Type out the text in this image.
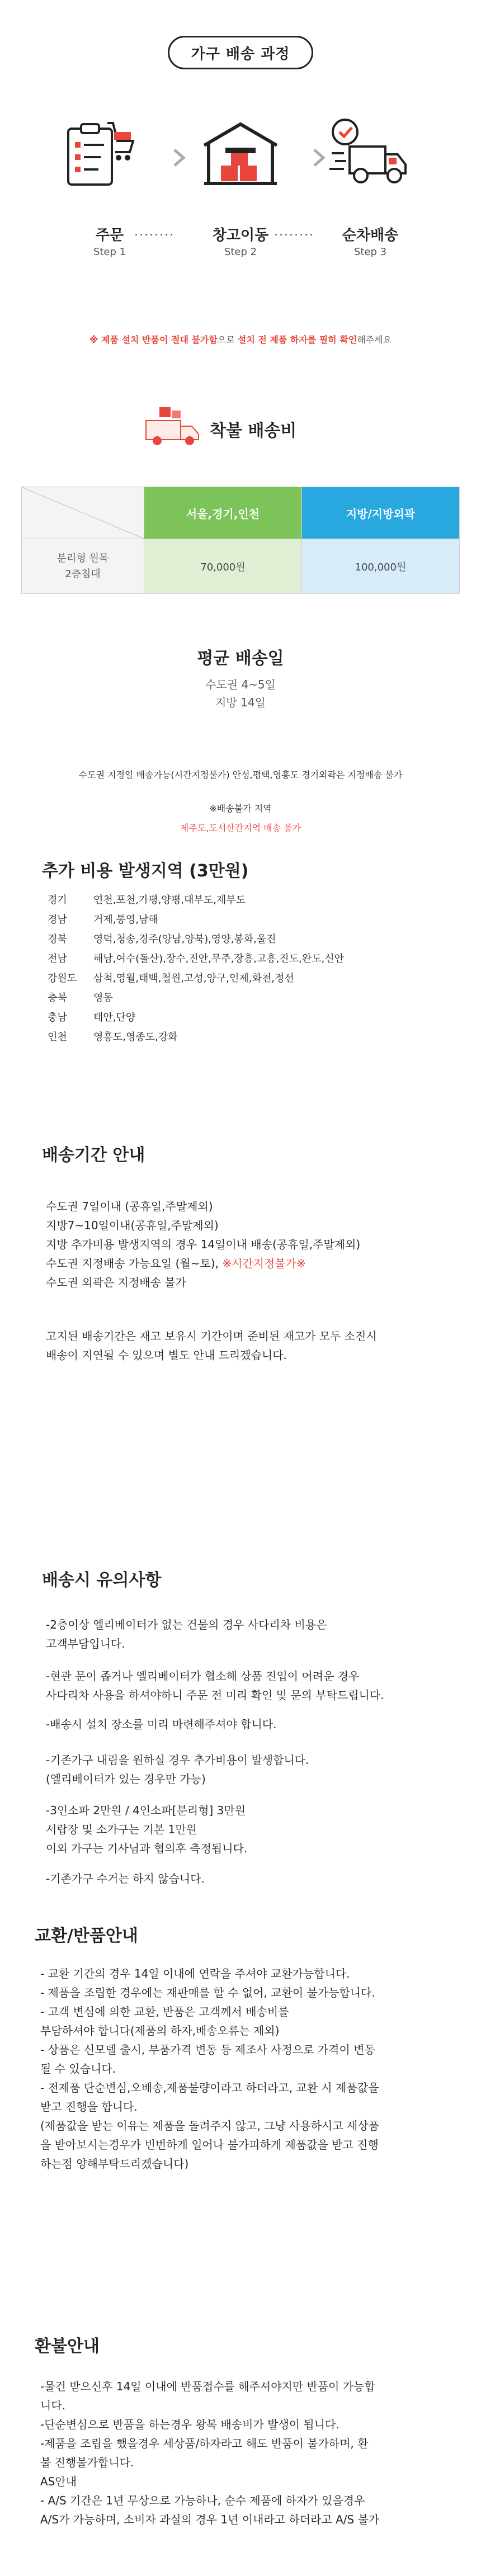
가구 배송 과정
주문
Step 1
........	창고이동
Step 2
........	순차배송
Step 3
※ 제품 설치 반품이 절대 불가함으로 설치 전 제품 하자를 필히 확인해주세요
착불 배송비
	서울,경기,인천	지방/지방외곽

분리형 원목
2층침대	70,000원	100,000원
평균 배송일
수도권 4~5일
지방 14일
수도권 지정일 배송가능(시간지정불가) 안성,평택,영흥도 경기외곽은 지정배송 불가
※배송불가 지역
제주도,도서산간지역 배송 불가
추가 비용 발생지역 (3만원)
경기	연천,포천,가평,양평,대부도,제부도
경남	거제,통영,남해
경북	영덕,청송,경주(양남,양북),영양,봉화,울진
전남	해남,여수(돌산),장수,진안,무주,장흥,고흥,진도,완도,신안
강원도	삼척,영월,태백,철원,고성,양구,인제,화천,정선
충북	영동
충남	태안,단양
인천	영흥도,영종도,강화
배송기간 안내
수도권 7일이내 (공휴일,주말제외)
지방7~10일이내(공휴일,주말제외)
지방 추가비용 발생지역의 경우 14일이내 배송(공휴일,주말제외)
수도권 지정배송 가능요일 (월~토), ※시간지정불가※
수도권 외곽은 지정배송 불가
고지된 배송기간은 재고 보유시 기간이며 준비된 재고가 모두 소진시
배송이 지연될 수 있으며 별도 안내 드리겠습니다.
배송시 유의사항
-2층이상 엘리베이터가 없는 건물의 경우 사다리차 비용은
고객부담입니다.
-현관 문이 좁거나 엘리베이터가 협소해 상품 진입이 어려운 경우
사다리차 사용을 하셔야하니 주문 전 미리 확인 및 문의 부탁드립니다.
-배송시 설치 장소를 미리 마련해주셔야 합니다.
-기존가구 내림을 원하실 경우 추가비용이 발생합니다.
(엘리베이터가 있는 경우만 가능)
-3인소파 2만원 / 4인소파[분리형] 3만원
서랍장 및 소가구는 기본 1만원
이외 가구는 기사님과 협의후 측정됩니다.
-기존가구 수거는 하지 않습니다.
교환/반품안내
- 교환 기간의 경우 14일 이내에 연락을 주셔야 교환가능합니다.
- 제품을 조립한 경우에는 재판매를 할 수 없어, 교환이 불가능합니다.
- 고객 변심에 의한 교환, 반품은 고객께서 배송비를
부담하셔야 합니다(제품의 하자,배송오류는 제외)
- 상품은 신모델 출시, 부품가격 변동 등 제조사 사정으로 가격이 변동
될 수 있습니다.
- 전제품 단순변심,오배송,제품불량이라고 하더라고, 교환 시 제품값을
받고 진행을 합니다.
(제품값을 받는 이유는 제품을 돌려주지 않고, 그냥 사용하시고 새상품
을 받아보시는경우가 빈번하게 일어나 불가피하게 제품값을 받고 진행
하는점 양해부탁드리겠습니다)
환불안내
-물건 받으신후 14일 이내에 반품접수를 해주셔야지만 반품이 가능합
니다.
-단순변심으로 반품을 하는경우 왕복 배송비가 발생이 됩니다.
-제품을 조립을 했을경우 세상품/하자라고 해도 반품이 불가하며, 환
불 진행불가합니다.
AS안내
- A/S 기간은 1년 무상으로 가능하나, 순수 제품에 하자가 있을경우
A/S가 가능하며, 소비자 과실의 경우 1년 이내라고 하더라고 A/S 불가
